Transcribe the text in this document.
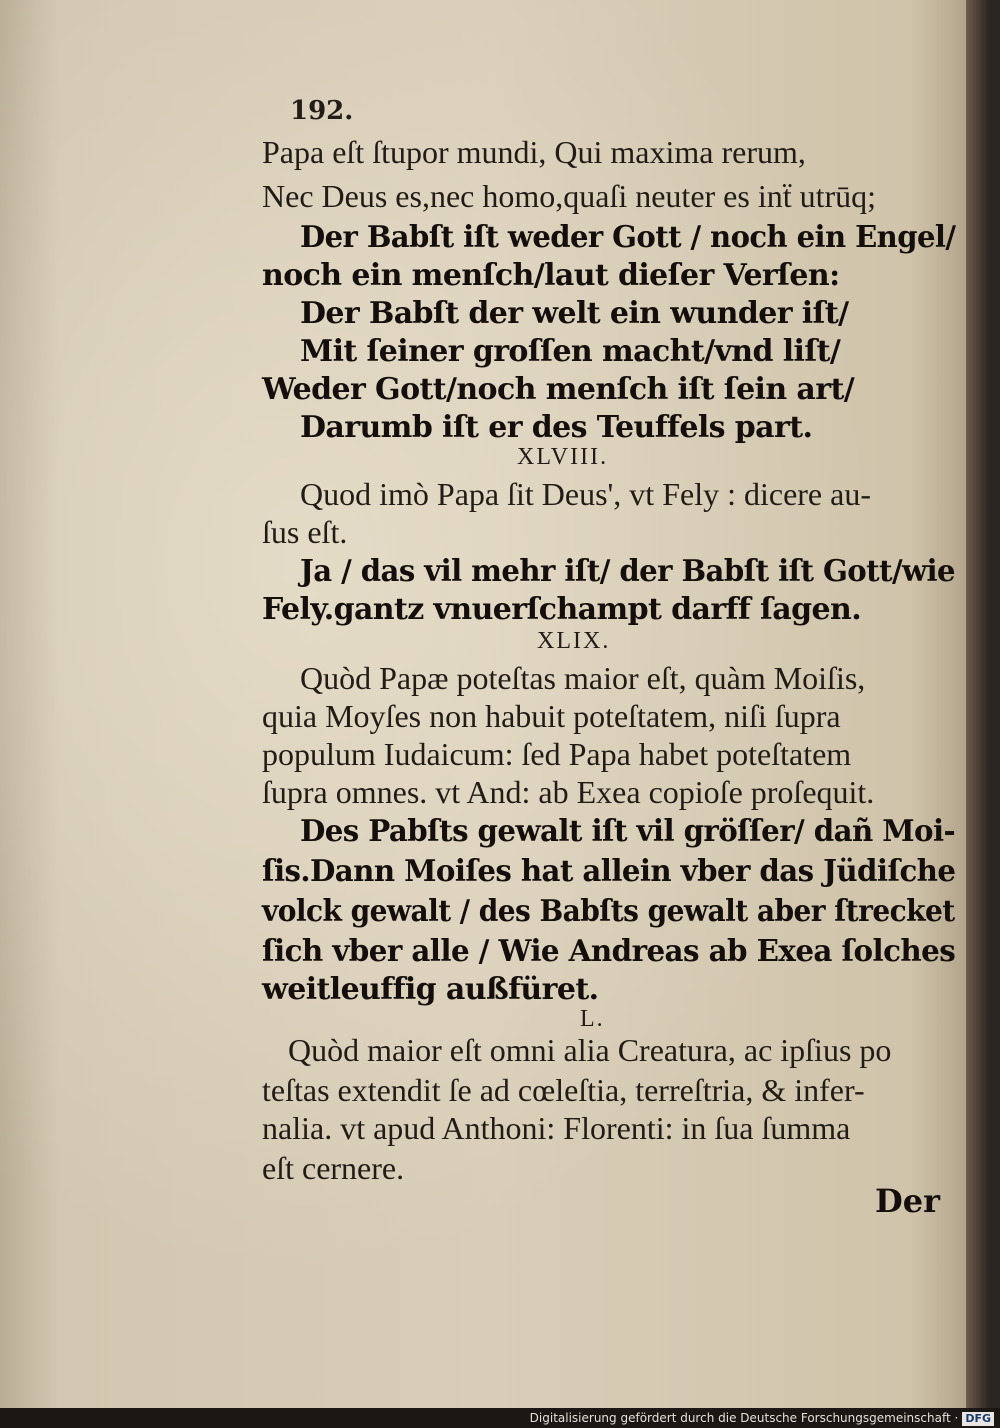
192.
Papa eſt ſtupor mundi, Qui maxima rerum,
Nec Deus es,nec homo,quaſi neuter es inẗ utrūq;
Der Babſt iſt weder Gott / noch ein Engel/
noch ein menſch/laut dieſer Verſen:
Der Babſt der welt ein wunder iſt/
Mit ſeiner groſſen macht/vnd liſt/
Weder Gott/noch menſch iſt ſein art/
Darumb iſt er des Teuffels part.
XLVIII.
Quod imò Papa ſit Deus', vt Fely : dicere au-
ſus eſt.
Ja / das vil mehr iſt/ der Babſt iſt Gott/wie
Fely.gantz vnuerſchampt darff ſagen.
XLIX.
Quòd Papæ poteſtas maior eſt, quàm Moiſis,
quia Moyſes non habuit poteſtatem, niſi ſupra
populum Iudaicum: ſed Papa habet poteſtatem
ſupra omnes. vt And: ab Exea copioſe proſequit.
Des Pabſts gewalt iſt vil gröſſer/ dañ Moi-
ſis.Dann Moiſes hat allein vber das Jüdiſche
volck gewalt / des Babſts gewalt aber ſtrecket
ſich vber alle / Wie Andreas ab Exea ſolches
weitleuffig außfüret.
L.
Quòd maior eſt omni alia Creatura, ac ipſius po
teſtas extendit ſe ad cœleſtia, terreſtria, & infer-
nalia. vt apud Anthoni: Florenti: in ſua ſumma
eſt cernere.
Der
Digitalisierung gefördert durch die Deutsche Forschungsgemeinschaft · DFG
